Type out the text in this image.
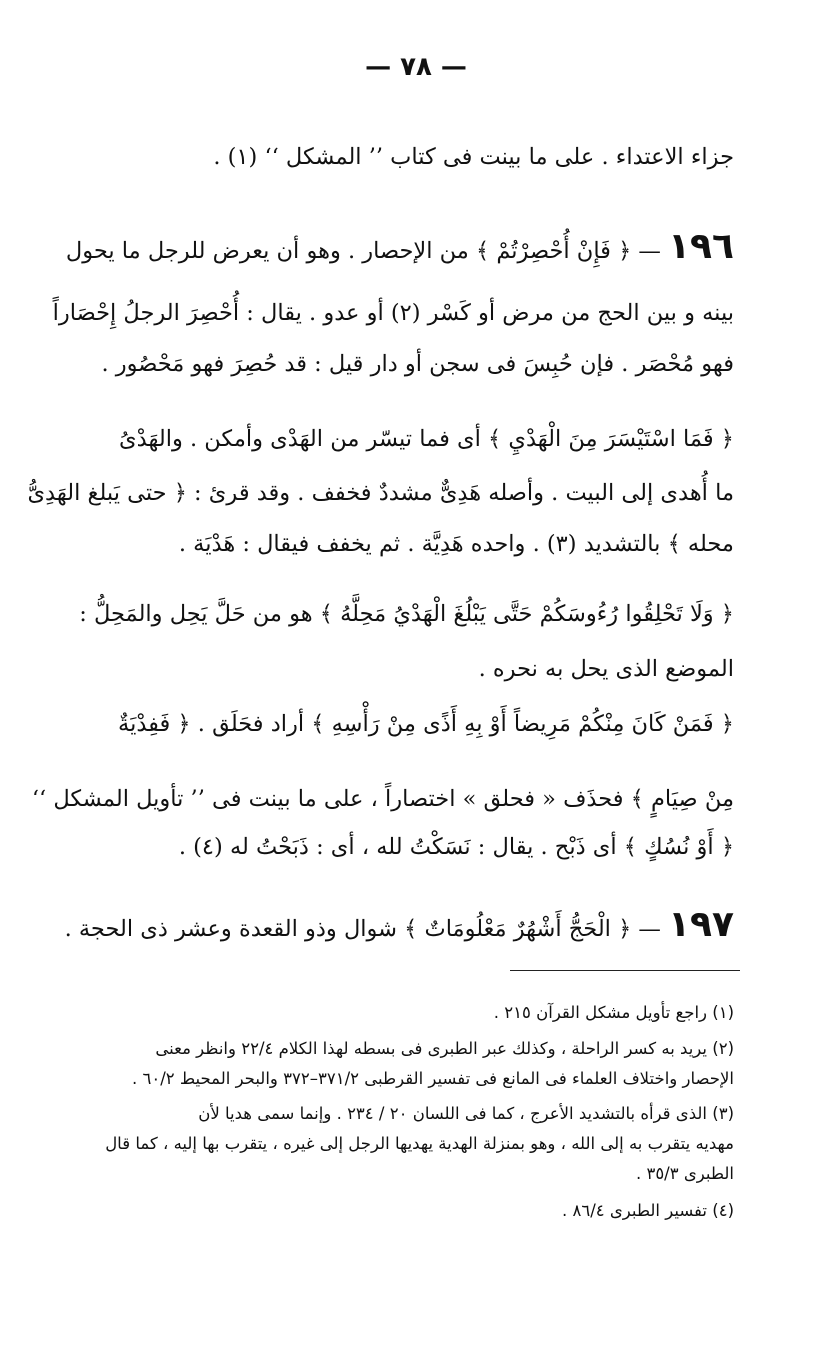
— ٧٨ —
جزاء الاعتداء . على ما بينت فى كتاب ’’ المشكل ‘‘ (١) .
١٩٦ — ﴿ فَإِنْ أُحْصِرْتُمْ ﴾ من الإحصار . وهو أن يعرض للرجل ما يحول
بينه و بين الحج من مرض أو كَسْر (٢) أو عدو . يقال : أُحْصِرَ الرجلُ إِحْصَاراً
فهو مُحْصَر . فإن حُبِسَ فى سجن أو دار قيل : قد حُصِرَ فهو مَحْصُور .
﴿ فَمَا اسْتَيْسَرَ مِنَ الْهَدْيِ ﴾ أى فما تيسّر من الهَدْى وأمكن . والهَدْىُ
ما أُهدى إلى البيت . وأصله هَدِىٌّ مشددٌ فخفف . وقد قرئ : ﴿ حتى يَبلغ الهَدِىُّ
محله ﴾ بالتشديد (٣) . واحده هَدِيَّة . ثم يخفف فيقال : هَدْيَة .
﴿ وَلَا تَحْلِقُوا رُءُوسَكُمْ حَتَّى يَبْلُغَ الْهَدْيُ مَحِلَّهُ ﴾ هو من حَلَّ يَحِل والمَحِلُّ :
الموضع الذى يحل به نحره .
﴿ فَمَنْ كَانَ مِنْكُمْ مَرِيضاً أَوْ بِهِ أَذًى مِنْ رَأْسِهِ ﴾ أراد فحَلَق . ﴿ فَفِدْيَةٌ
مِنْ صِيَامٍ ﴾ فحذَف « فحلق » اختصاراً ، على ما بينت فى ’’ تأويل المشكل ‘‘
﴿ أَوْ نُسُكٍ ﴾ أى ذَبْح . يقال : نَسَكْتُ لله ، أى : ذَبَحْتُ له (٤) .
١٩٧ — ﴿ الْحَجُّ أَشْهُرٌ مَعْلُومَاتٌ ﴾ شوال وذو القعدة وعشر ذى الحجة .
(١) راجع تأويل مشكل القرآن ٢١٥ .
(٢) يريد به كسر الراحلة ، وكذلك عبر الطبرى فى بسطه لهذا الكلام ٢٢/٤ وانظر معنى
الإحصار واختلاف العلماء فى المانع فى تفسير القرطبى ٣٧١/٢–٣٧٢ والبحر المحيط ٦٠/٢ .
(٣) الذى قرأه بالتشديد الأعرج ، كما فى اللسان ٢٠ / ٢٣٤ . وإنما سمى هديا لأن
مهديه يتقرب به إلى الله ، وهو بمنزلة الهدية يهديها الرجل إلى غيره ، يتقرب بها إليه ، كما قال
الطبرى ٣٥/٣ .
(٤) تفسير الطبرى ٨٦/٤ .
